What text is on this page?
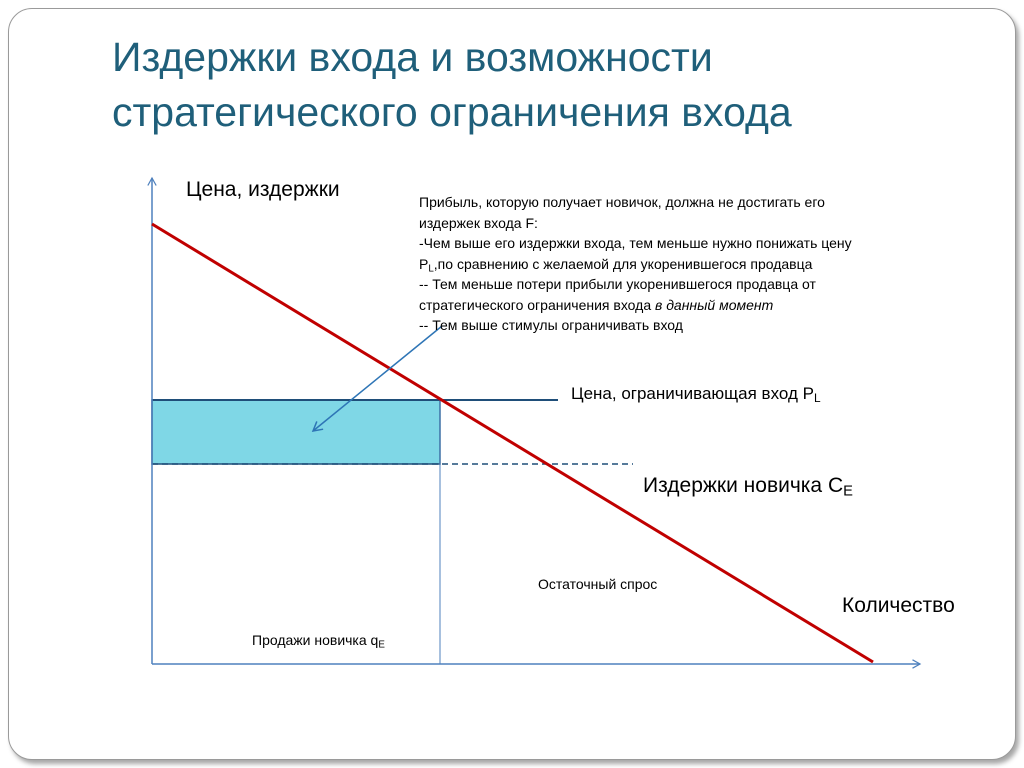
Издержки входа и возможности
стратегического ограничения входа
Цена, издержки
Количество
Цена, ограничивающая вход $P_L$
Издержки новичка $С_E$
Остаточный спрос
Продажи новичка $q_E$
Прибыль, которую получает новичок, должна не достигать его
издержек входа F:
-Чем выше его издержки входа, тем меньше нужно понижать цену
$P_L,по$ сравнению с желаемой для укоренившегося продавца
-- Тем меньше потери прибыли укоренившегося продавца от
стратегического ограничения входа в данный момент
-- Тем выше стимулы ограничивать вход
